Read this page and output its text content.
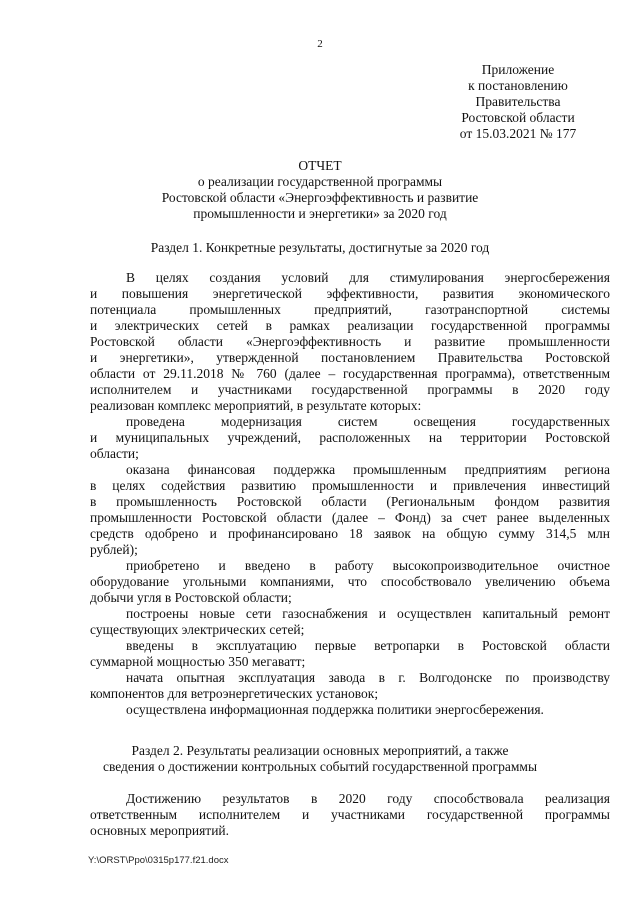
2
Приложение
к постановлению
Правительства
Ростовской области
от 15.03.2021 № 177
ОТЧЕТ
о реализации государственной программы
Ростовской области «Энергоэффективность и развитие
промышленности и энергетики» за 2020 год
Раздел 1. Конкретные результаты, достигнутые за 2020 год
В целях создания условий для стимулирования энергосбережения
и повышения энергетической эффективности, развития экономического
потенциала промышленных предприятий, газотранспортной системы
и электрических сетей в рамках реализации государственной программы
Ростовской области «Энергоэффективность и развитие промышленности
и энергетики», утвержденной постановлением Правительства Ростовской
области от 29.11.2018 № 760 (далее – государственная программа), ответственным
исполнителем и участниками государственной программы в 2020 году
реализован комплекс мероприятий, в результате которых:
проведена модернизация систем освещения государственных
и муниципальных учреждений, расположенных на территории Ростовской
области;
оказана финансовая поддержка промышленным предприятиям региона
в целях содействия развитию промышленности и привлечения инвестиций
в промышленность Ростовской области (Региональным фондом развития
промышленности Ростовской области (далее – Фонд) за счет ранее выделенных
средств одобрено и профинансировано 18 заявок на общую сумму 314,5 млн
рублей);
приобретено и введено в работу высокопроизводительное очистное
оборудование угольными компаниями, что способствовало увеличению объема
добычи угля в Ростовской области;
построены новые сети газоснабжения и осуществлен капитальный ремонт
существующих электрических сетей;
введены в эксплуатацию первые ветропарки в Ростовской области
суммарной мощностью 350 мегаватт;
начата опытная эксплуатация завода в г. Волгодонске по производству
компонентов для ветроэнергетических установок;
осуществлена информационная поддержка политики энергосбережения.
Раздел 2. Результаты реализации основных мероприятий, а также
сведения о достижении контрольных событий государственной программы
Достижению результатов в 2020 году способствовала реализация
ответственным исполнителем и участниками государственной программы
основных мероприятий.
Y:\ORST\Ppo\0315p177.f21.docx
